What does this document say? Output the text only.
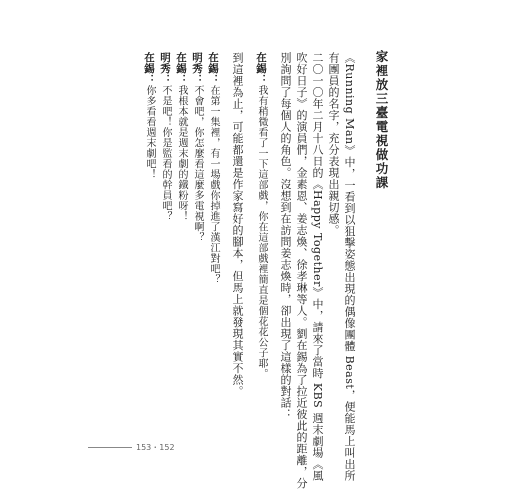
家裡放三臺電視做功課
《Running Man》中，一看到以狙擊姿態出現的偶像團體 Beast，便能馬上叫出所
有團員的名字，充分表現出親切感。
二〇一〇年二月十八日的《Happy Together》中，請來了當時 KBS 週末劇場《風
吹好日子》的演員們，金素恩、姜志煥、徐孝琳等人。劉在錫為了拉近彼此的距離，分
別詢問了每個人的角色。沒想到在訪問姜志煥時，卻出現了這樣的對話：
在錫：我有稍微看了一下這部戲，你在這部戲裡簡直是個花花公子耶。
到這裡為止，可能都還是作家寫好的腳本，但馬上就發現其實不然。
在錫：在第一集裡，有一場戲你掉進了漢江對吧？
明秀：不會吧，你怎麼看這麼多電視啊？
在錫：我根本就是週末劇的鐵粉呀！
明秀：不是吧！你是監看的幹員吧？
在錫：你多看看週末劇吧！
153・152
